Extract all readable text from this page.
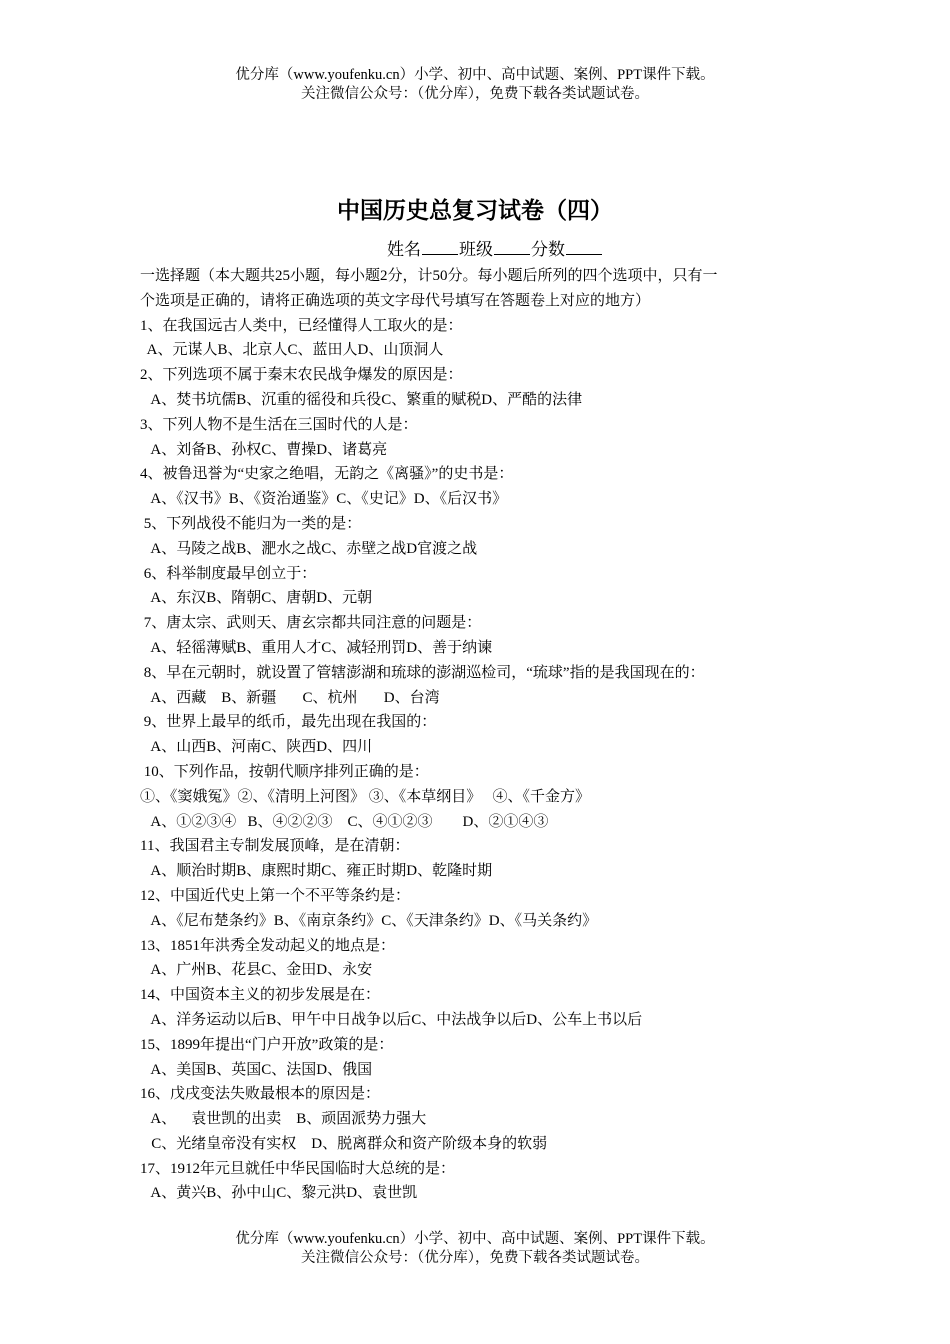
优分库（www.youfenku.cn）小学、初中、高中试题、案例、PPT课件下载。
关注微信公众号：（优分库），免费下载各类试题试卷。
中国历史总复习试卷（四）
姓名 班级 分数
一选择题（本大题共25小题，每小题2分，计50分。每小题后所列的四个选项中，只有一
个选项是正确的，请将正确选项的英文字母代号填写在答题卷上对应的地方）
1、在我国远古人类中，已经懂得人工取火的是：
A、元谋人B、北京人C、蓝田人D、山顶洞人
2、下列选项不属于秦末农民战争爆发的原因是：
A、焚书坑儒B、沉重的徭役和兵役C、繁重的赋税D、严酷的法律
3、下列人物不是生活在三国时代的人是：
A、刘备B、孙权C、曹操D、诸葛亮
4、被鲁迅誉为“史家之绝唱，无韵之《离骚》”的史书是：
A、《汉书》B、《资治通鉴》C、《史记》D、《后汉书》
5、下列战役不能归为一类的是：
A、马陵之战B、淝水之战C、赤壁之战D官渡之战
6、科举制度最早创立于：
A、东汉B、隋朝C、唐朝D、元朝
7、唐太宗、武则天、唐玄宗都共同注意的问题是：
A、轻徭薄赋B、重用人才C、减轻刑罚D、善于纳谏
8、早在元朝时，就设置了管辖澎湖和琉球的澎湖巡检司，“琉球”指的是我国现在的：
A、西藏    B、新疆       C、杭州       D、台湾
9、世界上最早的纸币，最先出现在我国的：
A、山西B、河南C、陕西D、四川
10、下列作品，按朝代顺序排列正确的是：
①、《窦娥冤》②、《清明上河图》 ③、《本草纲目》   ④、《千金方》
A、①②③④   B、④②②③    C、④①②③        D、②①④③
11、我国君主专制发展顶峰，是在清朝：
A、顺治时期B、康熙时期C、雍正时期D、乾隆时期
12、中国近代史上第一个不平等条约是：
A、《尼布楚条约》B、《南京条约》C、《天津条约》D、《马关条约》
13、1851年洪秀全发动起义的地点是：
A、广州B、花县C、金田D、永安
14、中国资本主义的初步发展是在：
A、洋务运动以后B、甲午中日战争以后C、中法战争以后D、公车上书以后
15、1899年提出“门户开放”政策的是：
A、美国B、英国C、法国D、俄国
16、戊戌变法失败最根本的原因是：
A、    袁世凯的出卖    B、顽固派势力强大
C、光绪皇帝没有实权    D、脱离群众和资产阶级本身的软弱
17、1912年元旦就任中华民国临时大总统的是：
A、黄兴B、孙中山C、黎元洪D、袁世凯
优分库（www.youfenku.cn）小学、初中、高中试题、案例、PPT课件下载。
关注微信公众号：（优分库），免费下载各类试题试卷。
